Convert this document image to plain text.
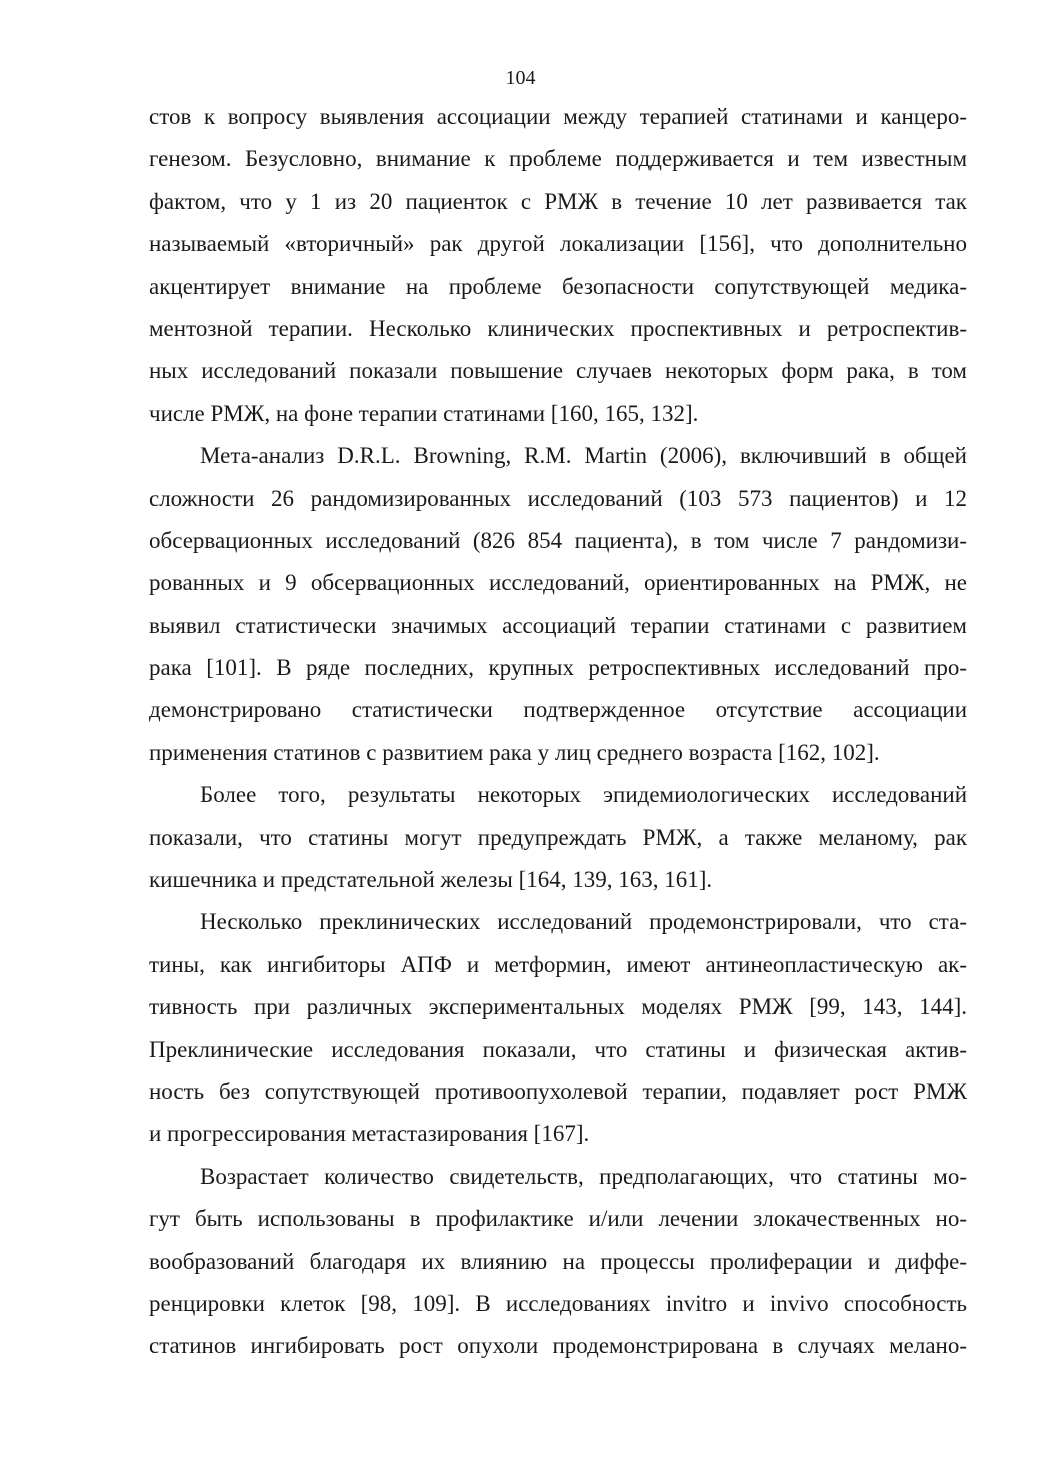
104
стов к вопросу выявления ассоциации между терапией статинами и канцеро-
генезом. Безусловно, внимание к проблеме поддерживается и тем известным
фактом, что у 1 из 20 пациенток с РМЖ в течение 10 лет развивается так
называемый «вторичный» рак другой локализации [156], что дополнительно
акцентирует внимание на проблеме безопасности сопутствующей медика-
ментозной терапии. Несколько клинических проспективных и ретроспектив-
ных исследований показали повышение случаев некоторых форм рака, в том
числе РМЖ, на фоне терапии статинами [160, 165, 132].
Мета-анализ D.R.L. Browning, R.M. Martin (2006), включивший в общей
сложности 26 рандомизированных исследований (103 573 пациентов) и 12
обсервационных исследований (826 854 пациента), в том числе 7 рандомизи-
рованных и 9 обсервационных исследований, ориентированных на РМЖ, не
выявил статистически значимых ассоциаций терапии статинами с развитием
рака [101]. В ряде последних, крупных ретроспективных исследований про-
демонстрировано статистически подтвержденное отсутствие ассоциации
применения статинов с развитием рака у лиц среднего возраста [162, 102].
Более того, результаты некоторых эпидемиологических исследований
показали, что статины могут предупреждать РМЖ, а также меланому, рак
кишечника и предстательной железы [164, 139, 163, 161].
Несколько преклинических исследований продемонстрировали, что ста-
тины, как ингибиторы АПФ и метформин, имеют антинеопластическую ак-
тивность при различных экспериментальных моделях РМЖ [99, 143, 144].
Преклинические исследования показали, что статины и физическая актив-
ность без сопутствующей противоопухолевой терапии, подавляет рост РМЖ
и прогрессирования метастазирования [167].
Возрастает количество свидетельств, предполагающих, что статины мо-
гут быть использованы в профилактике и/или лечении злокачественных но-
вообразований благодаря их влиянию на процессы пролиферации и диффе-
ренцировки клеток [98, 109]. В исследованиях invitro и invivo способность
статинов ингибировать рост опухоли продемонстрирована в случаях мелано-
